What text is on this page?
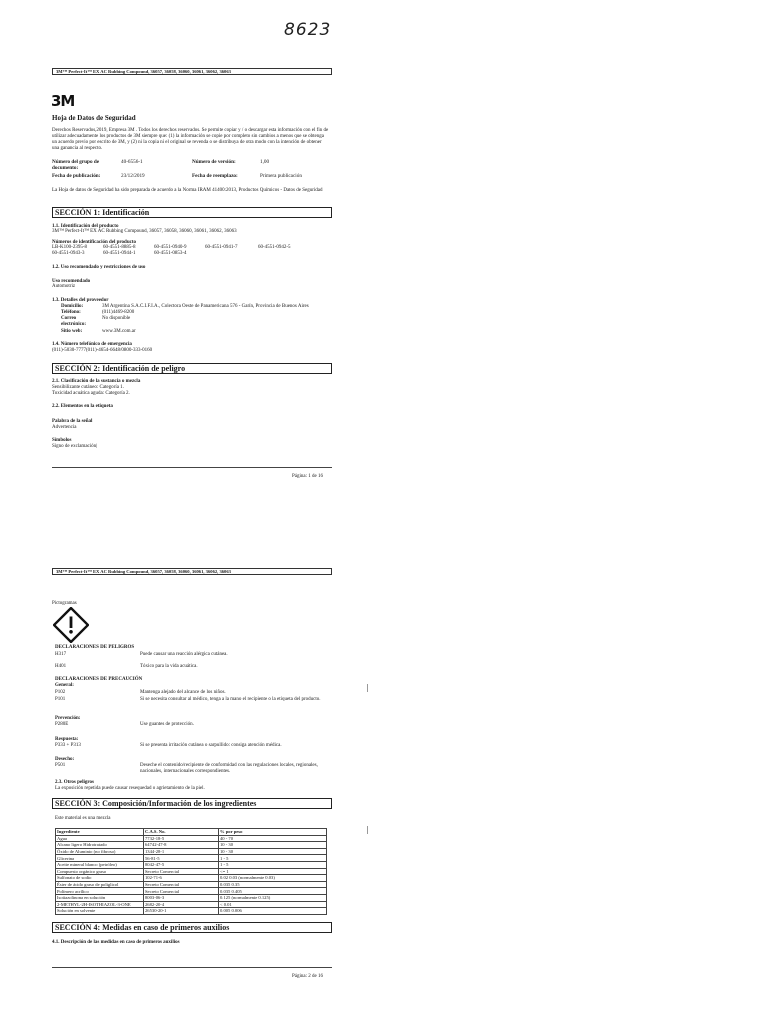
8623
3M™ Perfect-It™ EX AC Rubbing Compound, 36057, 36058, 36060, 36061, 36062, 36063
3M
Hoja de Datos de Seguridad
Derechos Reservados,2019, Empresa 3M . Todos los derechos reservados. Se permite copiar y / o descargar esta información con el fin de utilizar adecuadamente los productos de 3M siempre que: (1) la información se copie por completo sin cambios a menos que se obtenga un acuerdo previo por escrito de 3M, y (2) ni la copia ni el original se revenda o se distribuya de otra modo con la intención de obtener una ganancia al respecto.
Número del grupo de documento:
40-6556-1	Número de versión:	1,00
Fecha de publicación:	23/12/2019	Fecha de reemplazo:	Primera publicación
La Hoja de datos de Seguridad ha sido preparada de acuerdo a la Norma IRAM 41400:2013, Productos Químicos - Datos de Seguridad
SECCIÓN 1: Identificación
1.1. Identificación del producto
3M™ Perfect-It™ EX AC Rubbing Compound, 36057, 36058, 36060, 36061, 36062, 36063
Números de identificación del producto
LB-K100-2395-8	60-4551-8885-8	60-4551-0940-9	60-4551-0941-7	60-4551-0942-5
60-4551-0943-3	60-4551-0944-1	60-4551-0853-4
1.2. Uso recomendado y restricciones de uso
Uso recomendado
Automotriz
1.3. Detalles del proveedor
Domicilio:	3M Argentina S.A.C.I.F.I.A., Colectora Oeste de Panamericana 576 - Garín, Provincia de Buenos Aires
Teléfono:	(011)4469-8200
Correo electrónico:
No disponible
Sitio web:	www.3M.com.ar
1.4. Número telefónico de emergencia
(011)-5030-7777(011)-4654-6648/0800-333-0160
SECCIÓN 2: Identificación de peligro
2.1. Clasificación de la sustancia o mezcla
Sensibilizante cutáneo: Categoría 1.
Toxicidad acuática aguda: Categoría 2.
2.2. Elementos en la etiqueta
Palabra de la señal
Advertencia
Símbolos
Signo de exclamación|
Página: 1 de 16
3M™ Perfect-It™ EX AC Rubbing Compound, 36057, 36058, 36060, 36061, 36062, 36063
Pictogramas
DECLARACIONES DE PELIGROS
H317	Puede causar una reacción alérgica cutánea.
H401	Tóxico para la vida acuática.
DECLARACIONES DE PRECAUCIÓN
General:
P102	Mantenga alejado del alcance de los niños.
P101	Si se necesita consultar al médico, tenga a la mano el recipiente o la etiqueta del producto.
Prevención:
P280E	Use guantes de protección.
Respuesta:
P333 + P313	Si se presenta irritación cutánea o sarpullido: consiga atención médica.
Desecho:
P501	Deseche el contenido/recipiente de conformidad con las regulaciones locales, regionales, nacionales, internacionales correspondientes.
2.3. Otros peligros
La exposición repetida puede causar resequedad o agrietamiento de la piel.
SECCIÓN 3: Composición/Información de los ingredientes
Este material es una mezcla
Ingrediente	C.A.S. No.	% por peso
Agua	7732-18-5	40 - 70
Alcano ligero Hidrotratado	64742-47-8	10 - 30
Óxido de Aluminio (no fibroso)	1344-28-1	10 - 30
Glicerina	56-81-5	1 - 5
Aceite mineral blanco (petróleo)	8042-47-5	1 - 5
Compuesto orgánico graso	Secreto Comercial	<= 1
Sulfonato de sodio	102-71-6	0.02 0.03 (normalmente 0.03)
Éster de ácido graso de poliglicol	Secreto Comercial	0.035 0.35
Polímero acrílico	Secreto Comercial	0.035 0.405
Isotiazolinona en solución	8003-06-3	0.125 (normalmente 0.125)
2-METHYL-2H-ISOTHIAZOL-3-ONE	2682-20-4	< 0.01
Solución en solvente	26530-20-1	0.005 0.006
SECCIÓN 4: Medidas en caso de primeros auxilios
4.1. Descripción de las medidas en caso de primeros auxilios
Página: 2 de 16
